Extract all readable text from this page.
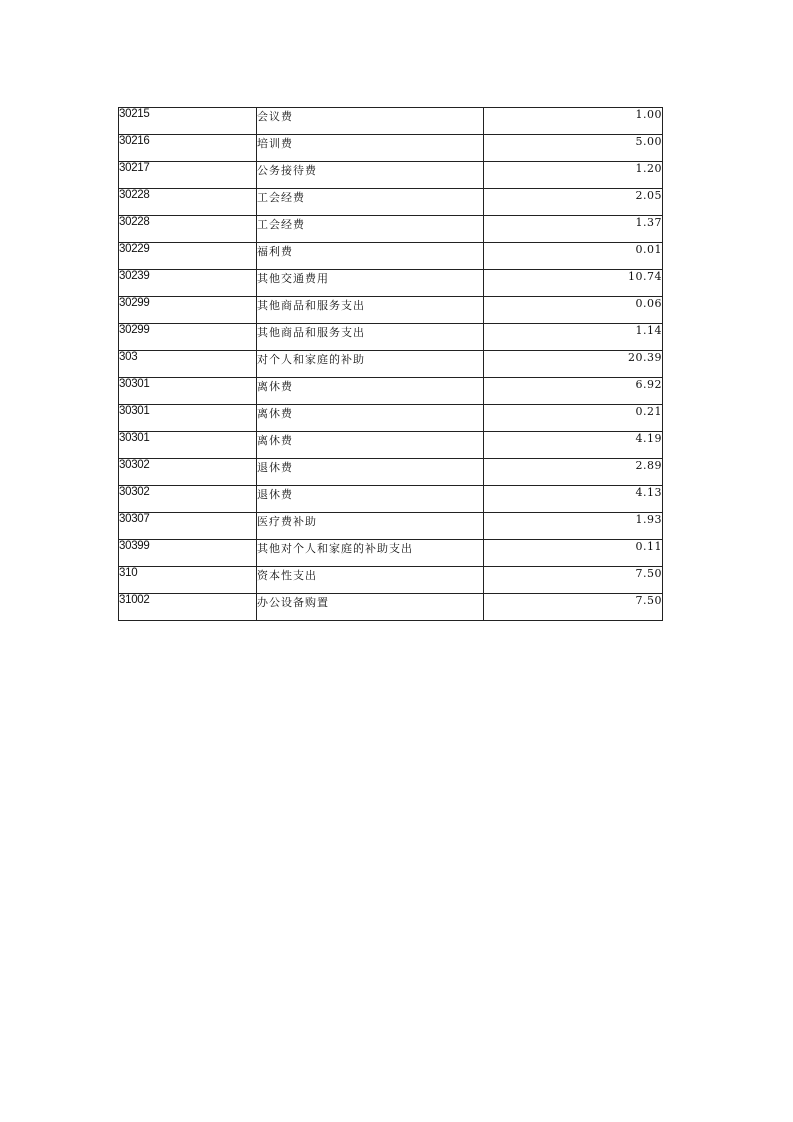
30215	会议费	1.00
30216	培训费	5.00
30217	公务接待费	1.20
30228	工会经费	2.05
30228	工会经费	1.37
30229	福利费	0.01
30239	其他交通费用	10.74
30299	其他商品和服务支出	0.06
30299	其他商品和服务支出	1.14
303	对个人和家庭的补助	20.39
30301	离休费	6.92
30301	离休费	0.21
30301	离休费	4.19
30302	退休费	2.89
30302	退休费	4.13
30307	医疗费补助	1.93
30399	其他对个人和家庭的补助支出	0.11
310	资本性支出	7.50
31002	办公设备购置	7.50
